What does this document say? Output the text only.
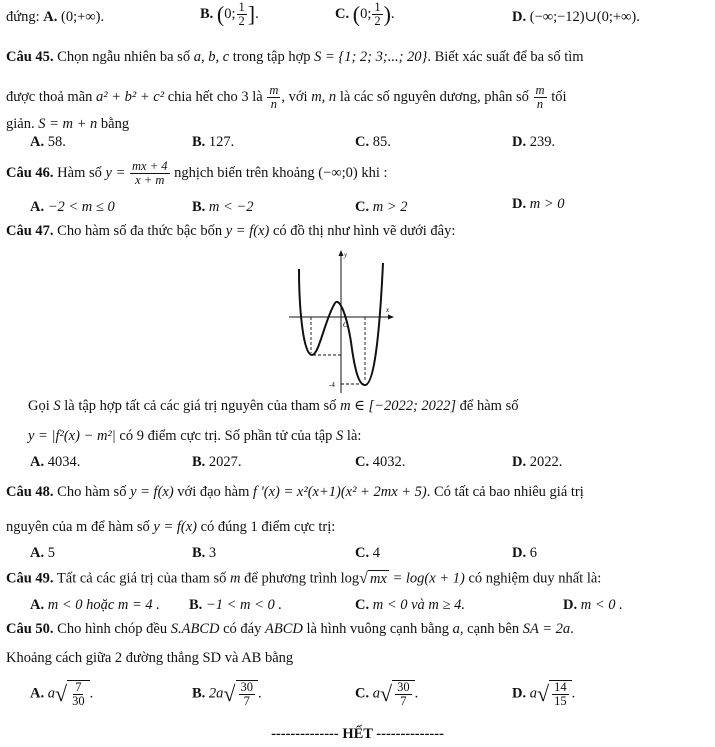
đứng: A. (0;+∞).	B. (0; $\frac{1}{2}$ ].	C. (0; $\frac{1}{2}$ ).	D. (−∞;−12)∪(0;+∞).
Câu 45. Chọn ngẫu nhiên ba số a, b, c trong tập hợp S = {1; 2; 3;...; 20}. Biết xác suất để ba số tìm
được thoả mãn a² + b² + c² chia hết cho 3 là $\frac{m}{n}$ , với m, n là các số nguyên dương, phân số $\frac{m}{n}$ tối
giản. S = m + n bằng
A. 58.	B. 127.	C. 85.	D. 239.
Câu 46. Hàm số $y = \frac{mx + 4}{x + m}$ nghịch biến trên khoảng (−∞;0) khi :
A. −2 < m ≤ 0	B. m < −2	C. m > 2	D. m > 0
Câu 47. Cho hàm số đa thức bậc bốn y = f(x) có đồ thị như hình vẽ dưới đây:
y
x
O
-4
Gọi S là tập hợp tất cả các giá trị nguyên của tham số m ∈ [−2022; 2022] để hàm số
y = |f²(x) − m²| có 9 điểm cực trị. Số phần tử của tập S là:
A. 4034.	B. 2027.	C. 4032.	D. 2022.
Câu 48. Cho hàm số y = f(x) với đạo hàm f '(x) = x²(x+1)(x² + 2mx + 5). Có tất cả bao nhiêu giá trị
nguyên của m để hàm số y = f(x) có đúng 1 điểm cực trị:
A. 5	B. 3	C. 4	D. 6
Câu 49. Tất cả các giá trị của tham số m để phương trình log √ mx = log(x + 1) có nghiệm duy nhất là:
A. m < 0 hoặc m = 4 . B. −1 < m < 0 .	C. m < 0 và m ≥ 4.	D. m < 0 .
Câu 50. Cho hình chóp đều S.ABCD có đáy ABCD là hình vuông cạnh bằng a, cạnh bên SA = 2a.
Khoảng cách giữa 2 đường thẳng SD và AB bằng
A. a √ $\frac{7}{30}$ .	B. 2a √ $\frac{30}{7}$ .	C. a √ $\frac{30}{7}$ .	D. a √ $\frac{14}{15}$ .
-------------- HẾT --------------
